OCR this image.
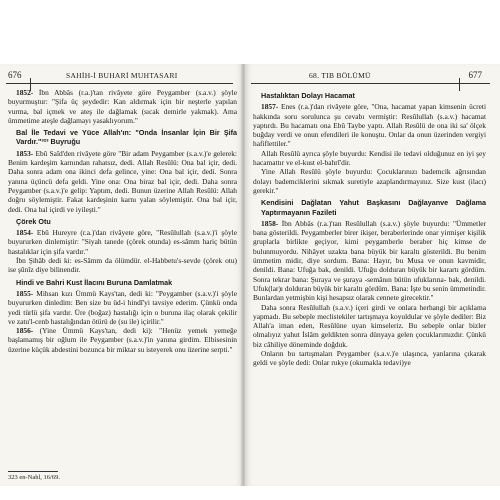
676	SAHİH-İ BUHARİ MUHTASARI

1852- İbn Abbâs (r.a.)'tan rivâyete göre Peygamber (s.a.v.) şöyle buyurmuştur: "Şifa üç şeydedir: Kan aldırmak için bir neşterle yapılan vurma, bal içmek ve ateş ile dağlamak (sıcak demirle yakmak). Ama ümmetime ateşle dağlamayı yasaklıyorum."

Bal İle Tedavi ve Yüce Allah'ın: "Onda İnsanlar İçin Bir Şifa Vardır."³²³ Buyruğu

1853- Ebû Saîd'den rivâyete göre "Bir adam Peygamber (s.a.v.)'e gelerek: Benim kardeşim karnından rahatsız, dedi. Allah Resûlü: Ona bal içir, dedi. Daha sonra adam ona ikinci defa gelince, yine: Ona bal içir, dedi. Sonra yanına üçüncü defa geldi. Yine ona: Ona biraz bal içir, dedi. Daha sonra Peygamber (s.a.v.)'e gelip: Yaptım, dedi. Bunun üzerine Allah Resûlü: Allah doğru söylemiştir. Fakat kardeşinin karnı yalan söylemiştir. Ona bal içir, dedi. Ona bal içirdi ve iyileşti."

Çörek Otu

1854- Ebû Hureyre (r.a.)'dan rivâyete göre, "Resûlullah (s.a.v.)'i şöyle buyururken dinlemiştir: "Siyah tanede (çörek otunda) es-sâmm hariç bütün hastalıklar için şifa vardır."

İbn Şihâb dedi ki: es-Sâmm da ölümdür. el-Habbetu's-sevde (çörek otu) ise şûnîz diye bilinendir.

Hindi ve Bahri Kust İlacını Buruna Damlatmak

1855- Mihsan kızı Ümmü Kays'tan, dedi ki: "Peygamber (s.a.v.)'i şöyle buyururken dinledim: Ben size bu üd-i hindî'yi tavsiye ederim. Çünkü onda yedi türlü şifa vardır. Üre (boğaz) hastalığı için o buruna ilaç olarak çekilir ve zatu'l-cenb hastalığından ötürü de (su ile) içirilir."

1856- (Yine Ümmü Kays'tan, dedi ki): "Henüz yemek yemeğe başlamamış bir oğlum ile Peygamber (s.a.v.)'in yanına girdim. Elbisesinin üzerine küçük abdestini bozunca bir miktar su isteyerek onu üzerine serpti."

323 en-Nahl, 16/69.
68. TIB BÖLÜMÜ	677
Hastalıktan Dolayı Hacamat

1857- Enes (r.a.)'dan rivâyete göre, "Ona, hacamat yapan kimsenin ücreti hakkında soru sorulunca şu cevabı vermiştir: Resûlullah (s.a.v.) hacamat yaptırdı. Bu hacamatı ona Ebû Taybe yaptı. Allah Resûlü de ona iki sa' ölçek buğday verdi ve onun efendileri ile konuştu. Onlar da onun üzerinden vergiyi hafiflettiler."

Allah Resûlü ayrıca şöyle buyurdu: Kendisi ile tedavi olduğunuz en iyi şey hacamattır ve el-kust el-bahrî'dir.

Yine Allah Resûlü şöyle buyurdu: Çocuklarınızı bademcik ağrısından dolayı bademciklerini sıkmak suretiyle azaplandırmayınız. Size kust (ilacı) gerekir."

Kendisini Dağlatan Yahut Başkasını Dağlayanve Dağlama Yaptırmayanın Fazileti

1858- İbn Abbâs (r.a.)'tan Resûlullah (s.a.v.) şöyle buyurdu: "Ümmetler bana gösterildi. Peygamberler birer ikişer, beraberlerinde onar yirmişer kişilik gruplarla birlikte geçiyor, kimi peygamberle beraber hiç kimse de bulunmuyordu. Nihâyet uzakta bana büyük bir karaltı gösterildi. Bu benim ümmetim midir, diye sordum. Bana: Hayır, bu Musa ve onun kavmidir, denildi. Bana: Ufuğa bak, denildi. Ufuğu dolduran büyük bir karartı gördüm. Sonra tekrar bana: Şuraya ve şuraya -semânın bütün ufuklarına- bak, denildi. Ufuk(lar)ı dolduran büyük bir karaltı gördüm. Bana: İşte bu senin ümmetindir. Bunlardan yetmişbin kişi hesapsız olarak cennete girecektir."

Daha sonra Resûlullah (s.a.v.) içeri girdi ve onlara herhangi bir açıklama yapmadı. Bu sebeple meclistekiler tartışmaya koyuldular ve şöyle dediler: Biz Allah'a iman eden, Resûlüne uyan kimseleriz. Bu sebeple onlar bizler olmalıyız yahut İslâm geldikten sonra dünyaya gelen çocuklarımızdır. Çünkü biz câhiliye döneminde doğduk.

Onların bu tartışmaları Peygamber (s.a.v.)'e ulaşınca, yanlarına çıkarak geldi ve şöyle dedi: Onlar rukye (okumakla tedavi)ye
